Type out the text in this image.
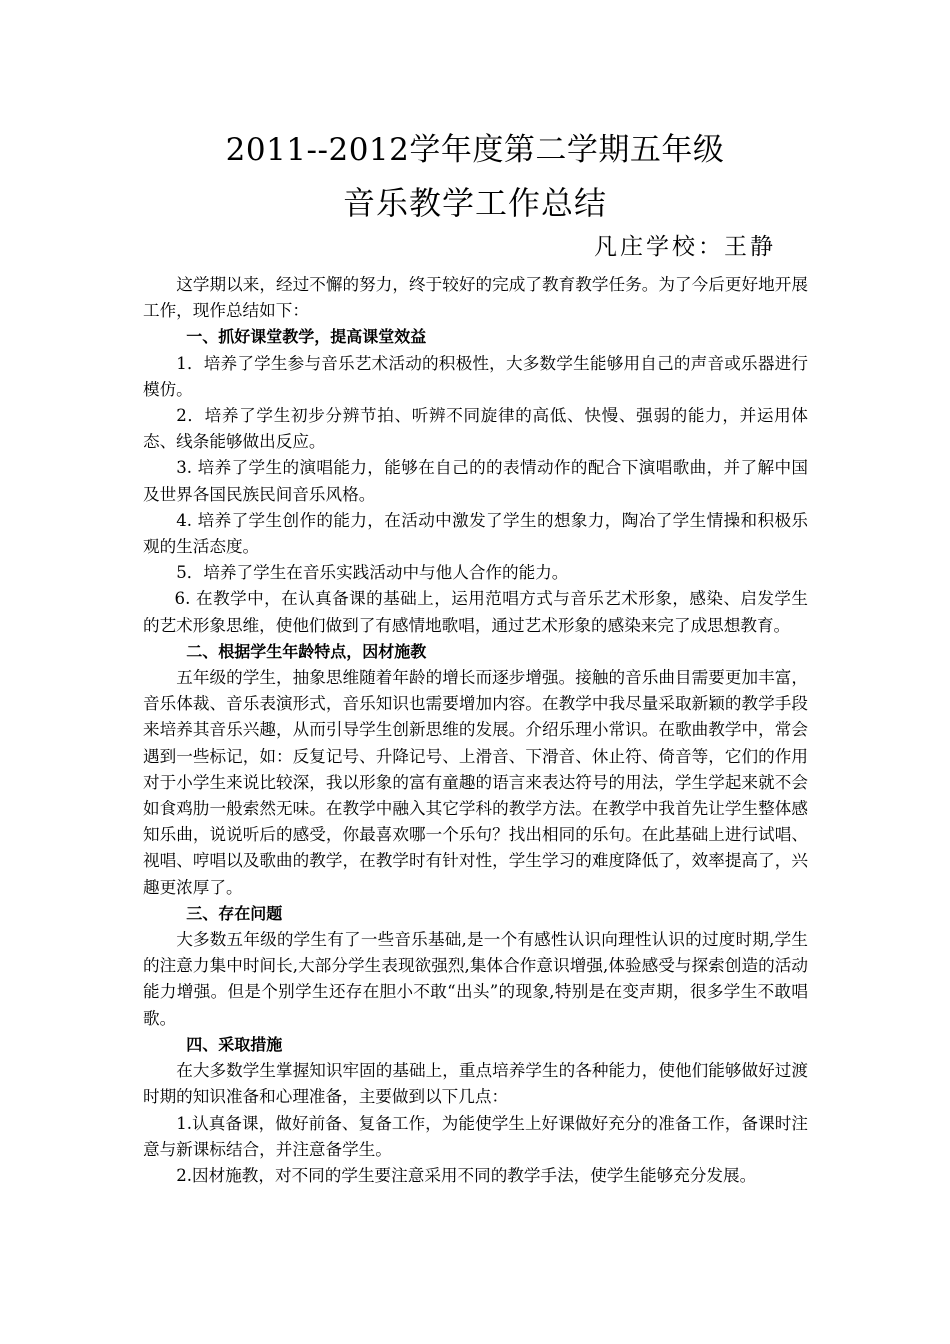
2011--2012学年度第二学期五年级
音乐教学工作总结
凡庄学校：王静

这学期以来，经过不懈的努力，终于较好的完成了教育教学任务。为了今后更好地开展工作，现作总结如下：

一、抓好课堂教学，提高课堂效益

1．培养了学生参与音乐艺术活动的积极性，大多数学生能够用自己的声音或乐器进行模仿。

2．培养了学生初步分辨节拍、听辨不同旋律的高低、快慢、强弱的能力，并运用体态、线条能够做出反应。

3. 培养了学生的演唱能力，能够在自己的的表情动作的配合下演唱歌曲，并了解中国及世界各国民族民间音乐风格。

4. 培养了学生创作的能力，在活动中激发了学生的想象力，陶冶了学生情操和积极乐观的生活态度。

5．培养了学生在音乐实践活动中与他人合作的能力。

6. 在教学中，在认真备课的基础上，运用范唱方式与音乐艺术形象，感染、启发学生的艺术形象思维，使他们做到了有感情地歌唱，通过艺术形象的感染来完了成思想教育。

二、根据学生年龄特点，因材施教

五年级的学生，抽象思维随着年龄的增长而逐步增强。接触的音乐曲目需要更加丰富，音乐体裁、音乐表演形式，音乐知识也需要增加内容。在教学中我尽量采取新颖的教学手段来培养其音乐兴趣，从而引导学生创新思维的发展。介绍乐理小常识。在歌曲教学中，常会遇到一些标记，如：反复记号、升降记号、上滑音、下滑音、休止符、倚音等，它们的作用对于小学生来说比较深，我以形象的富有童趣的语言来表达符号的用法，学生学起来就不会如食鸡肋一般索然无味。在教学中融入其它学科的教学方法。在教学中我首先让学生整体感知乐曲，说说听后的感受，你最喜欢哪一个乐句？找出相同的乐句。在此基础上进行试唱、视唱、哼唱以及歌曲的教学，在教学时有针对性，学生学习的难度降低了，效率提高了，兴趣更浓厚了。

三、存在问题

大多数五年级的学生有了一些音乐基础,是一个有感性认识向理性认识的过度时期,学生的注意力集中时间长,大部分学生表现欲强烈,集体合作意识增强,体验感受与探索创造的活动能力增强。但是个别学生还存在胆小不敢“出头”的现象,特别是在变声期，很多学生不敢唱歌。

四、采取措施

在大多数学生掌握知识牢固的基础上，重点培养学生的各种能力，使他们能够做好过渡时期的知识准备和心理准备，主要做到以下几点：

1.认真备课，做好前备、复备工作，为能使学生上好课做好充分的准备工作，备课时注意与新课标结合，并注意备学生。

2.因材施教，对不同的学生要注意采用不同的教学手法，使学生能够充分发展。
